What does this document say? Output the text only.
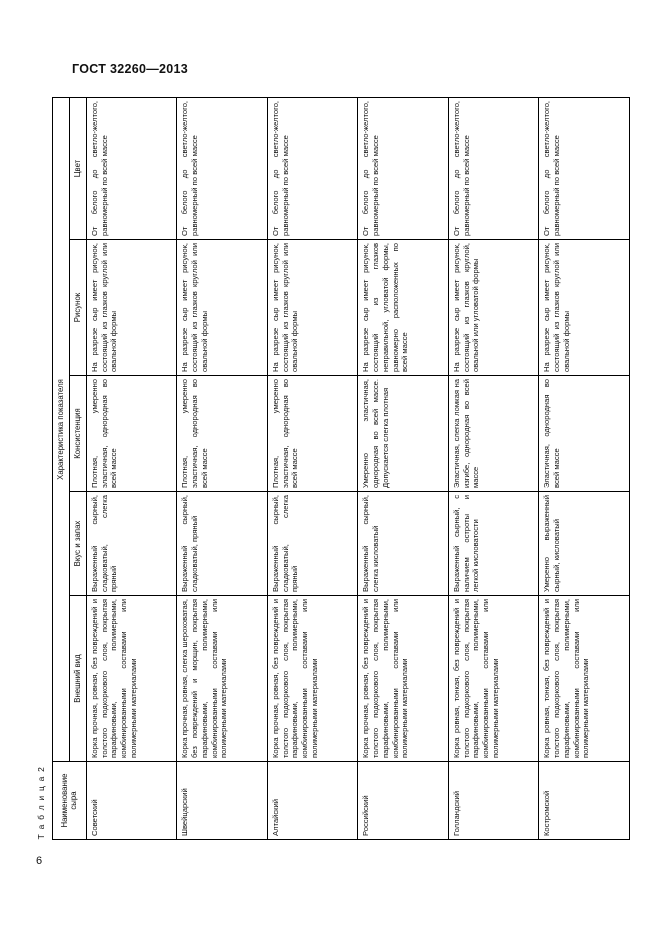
ГОСТ 32260—2013
Т а б л и ц а 2 Наименование сыра	Характеристика показателя				
	Внешний вид	Вкус и запах	Консистенция	Рисунок	Цвет
Советский	Корка прочная, ровная, без повреждений и толстого подкоркового слоя, покрытая парафиновыми, полимерными, комбинированными составами или полимерными материалами	Выраженный сырный, сладковатый, слегка пряный	Плотная, умеренно эластичная, однородная во всей массе	На разрезе сыр имеет рисунок, состоящий из глазков круглой или овальной формы	От белого до светло-желтого, равномерный по всей массе
Швейцарский	Корка прочная, ровная, слегка шероховатая, без повреждений и морщин, покрытая парафиновыми, полимерными, комбинированными составами или полимерными материалами	Выраженный сырный, сладковатый, пряный	Плотная, умеренно эластичная, однородная во всей массе	На разрезе сыр имеет рисунок, состоящий из глазков круглой или овальной формы	От белого до светло-желтого, равномерный по всей массе
Алтайский	Корка прочная, ровная, без повреждений и толстого подкоркового слоя, покрытая парафиновыми, полимерными, комбинированными составами или полимерными материалами	Выраженный сырный, сладковатый, слегка пряный	Плотная, умеренно эластичная, однородная во всей массе	На разрезе сыр имеет рисунок, состоящий из глазков круглой или овальной формы	От белого до светло-желтого, равномерный по всей массе
Российский	Корка прочная, ровная, без повреждений и толстого подкоркового слоя, покрытая парафиновыми, полимерными, комбинированными составами или полимерными материалами	Выраженный сырный, слегка кисловатый	Умеренно эластичная, однородная во всей массе. Допускается слегка плотная	На разрезе сыр имеет рисунок, состоящий из глазков неправильной, угловатой формы, равномерно расположенных по всей массе	От белого до светло-желтого, равномерный по всей массе
Голландский	Корка ровная, тонкая, без повреждений и толстого подкоркового слоя, покрытая парафиновыми, полимерными, комбинированными составами или полимерными материалами	Выраженный сырный, с наличием остроты и легкой кисловатости	Эластичная, слегка ломкая на изгибе, однородная во всей массе	На разрезе сыр имеет рисунок, состоящий из глазков круглой, овальной или угловатой формы	От белого до светло-желтого, равномерный по всей массе
Костромской	Корка ровная, тонкая, без повреждений и толстого подкоркового слоя, покрытая парафиновыми, полимерными, комбинированными составами или полимерными материалами	Умеренно выраженный сырный, кисловатый	Эластичная, однородная во всей массе	На разрезе сыр имеет рисунок, состоящий из глазков круглой или овальной формы	От белого до светло-желтого, равномерный по всей массе
6
